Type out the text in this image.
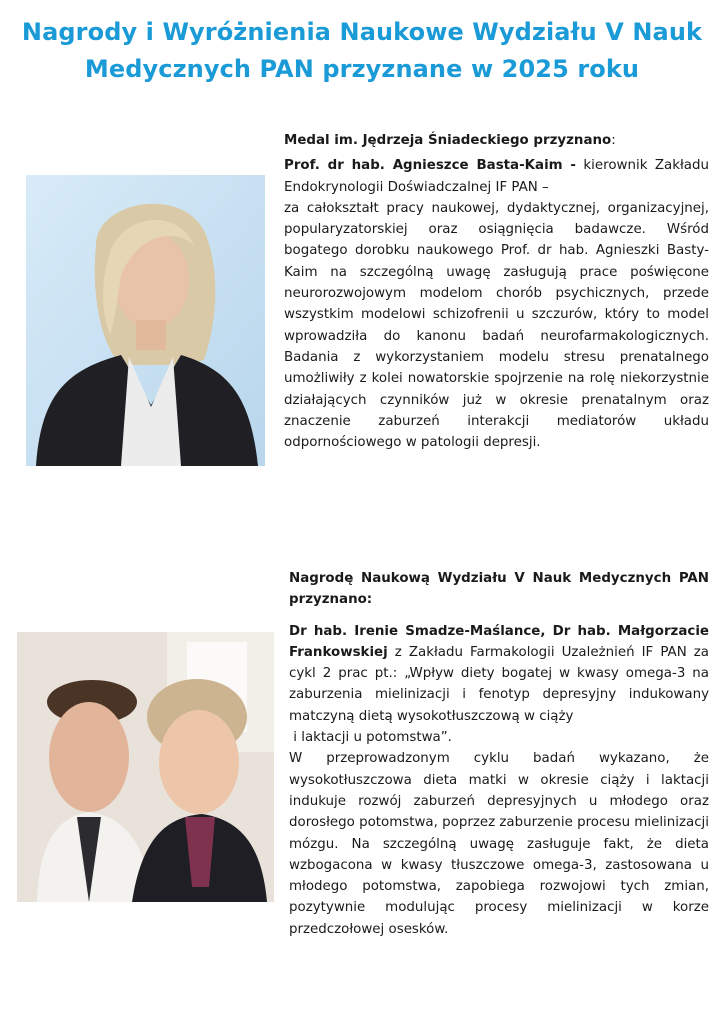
Nagrody i Wyróżnienia Naukowe Wydziału V Nauk Medycznych PAN przyznane w 2025 roku

Medal im. Jędrzeja Śniadeckiego przyznano:

Prof. dr hab. Agnieszce Basta-Kaim - kierownik Zakładu Endokrynologii Doświadczalnej IF PAN –

za całokształt pracy naukowej, dydaktycznej, organizacyjnej, popularyzatorskiej oraz osiągnięcia badawcze. Wśród bogatego dorobku naukowego Prof. dr hab. Agnieszki Basty-Kaim na szczególną uwagę zasługują prace poświęcone neurorozwojowym modelom chorób psychicznych, przede wszystkim modelowi schizofrenii u szczurów, który to model wprowadziła do kanonu badań neurofarmakologicznych. Badania z wykorzystaniem modelu stresu prenatalnego umożliwiły z kolei nowatorskie spojrzenie na rolę niekorzystnie działających czynników już w okresie prenatalnym oraz znaczenie zaburzeń interakcji mediatorów układu odpornościowego w patologii depresji.

Nagrodę Naukową Wydziału V Nauk Medycznych PAN przyznano:

Dr hab. Irenie Smadze-Maślance, Dr hab. Małgorzacie Frankowskiej z Zakładu Farmakologii Uzależnień IF PAN za cykl 2 prac pt.: „Wpływ diety bogatej w kwasy omega-3 na zaburzenia mielinizacji i fenotyp depresyjny indukowany matczyną dietą wysokotłuszczową w ciąży

i laktacji u potomstwa”.

W przeprowadzonym cyklu badań wykazano, że wysokotłuszczowa dieta matki w okresie ciąży i laktacji indukuje rozwój zaburzeń depresyjnych u młodego oraz dorosłego potomstwa, poprzez zaburzenie procesu mielinizacji mózgu. Na szczególną uwagę zasługuje fakt, że dieta wzbogacona w kwasy tłuszczowe omega-3, zastosowana u młodego potomstwa, zapobiega rozwojowi tych zmian, pozytywnie modulując procesy mielinizacji w korze przedczołowej osesków.
